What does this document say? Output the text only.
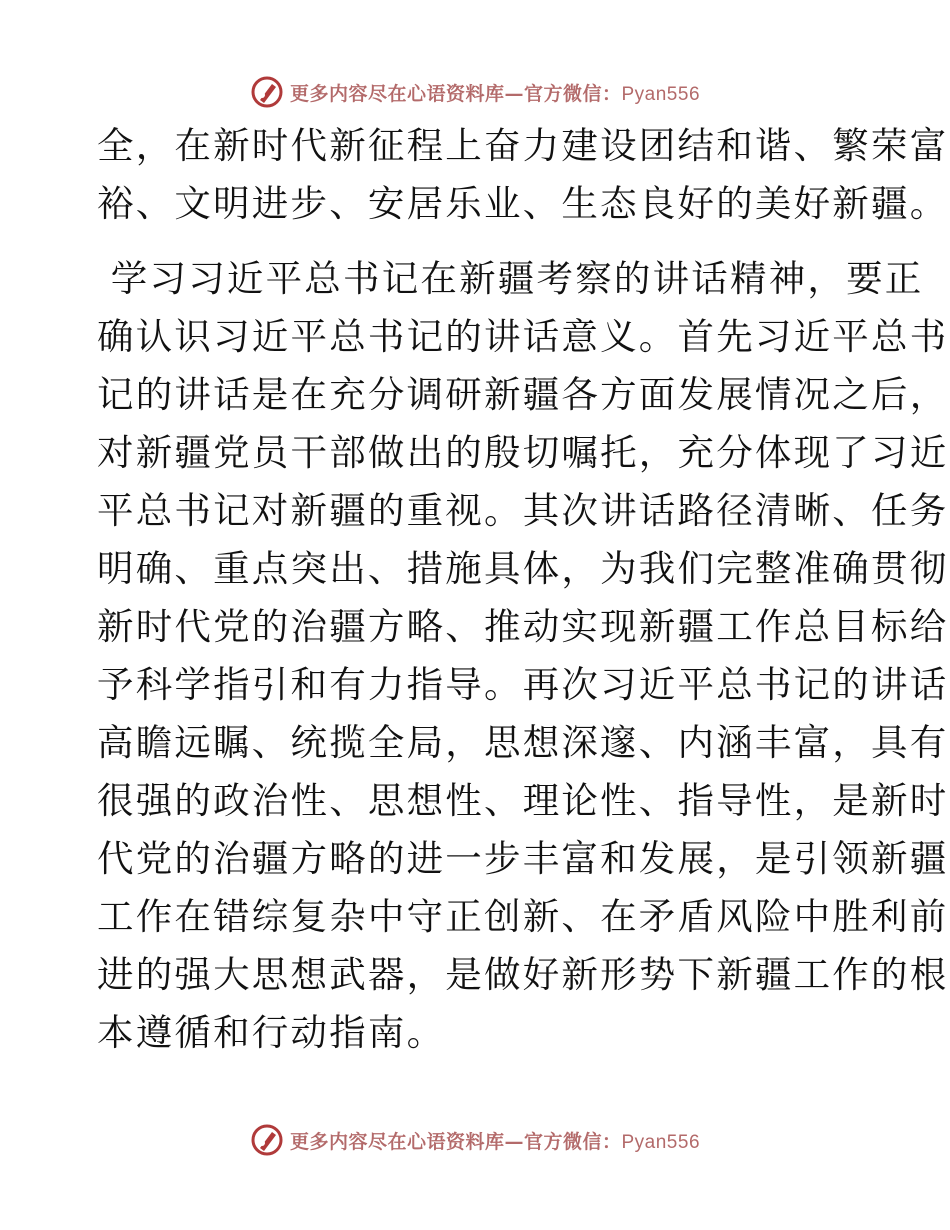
更多内容尽在心语资料库—官方微信：Pyan556
全，在新时代新征程上奋力建设团结和谐、繁荣富
裕、文明进步、安居乐业、生态良好的美好新疆。
学习习近平总书记在新疆考察的讲话精神，要正
确认识习近平总书记的讲话意义。首先习近平总书
记的讲话是在充分调研新疆各方面发展情况之后，
对新疆党员干部做出的殷切嘱托，充分体现了习近
平总书记对新疆的重视。其次讲话路径清晰、任务
明确、重点突出、措施具体，为我们完整准确贯彻
新时代党的治疆方略、推动实现新疆工作总目标给
予科学指引和有力指导。再次习近平总书记的讲话
高瞻远瞩、统揽全局，思想深邃、内涵丰富，具有
很强的政治性、思想性、理论性、指导性，是新时
代党的治疆方略的进一步丰富和发展，是引领新疆
工作在错综复杂中守正创新、在矛盾风险中胜利前
进的强大思想武器，是做好新形势下新疆工作的根
本遵循和行动指南。
更多内容尽在心语资料库—官方微信：Pyan556
